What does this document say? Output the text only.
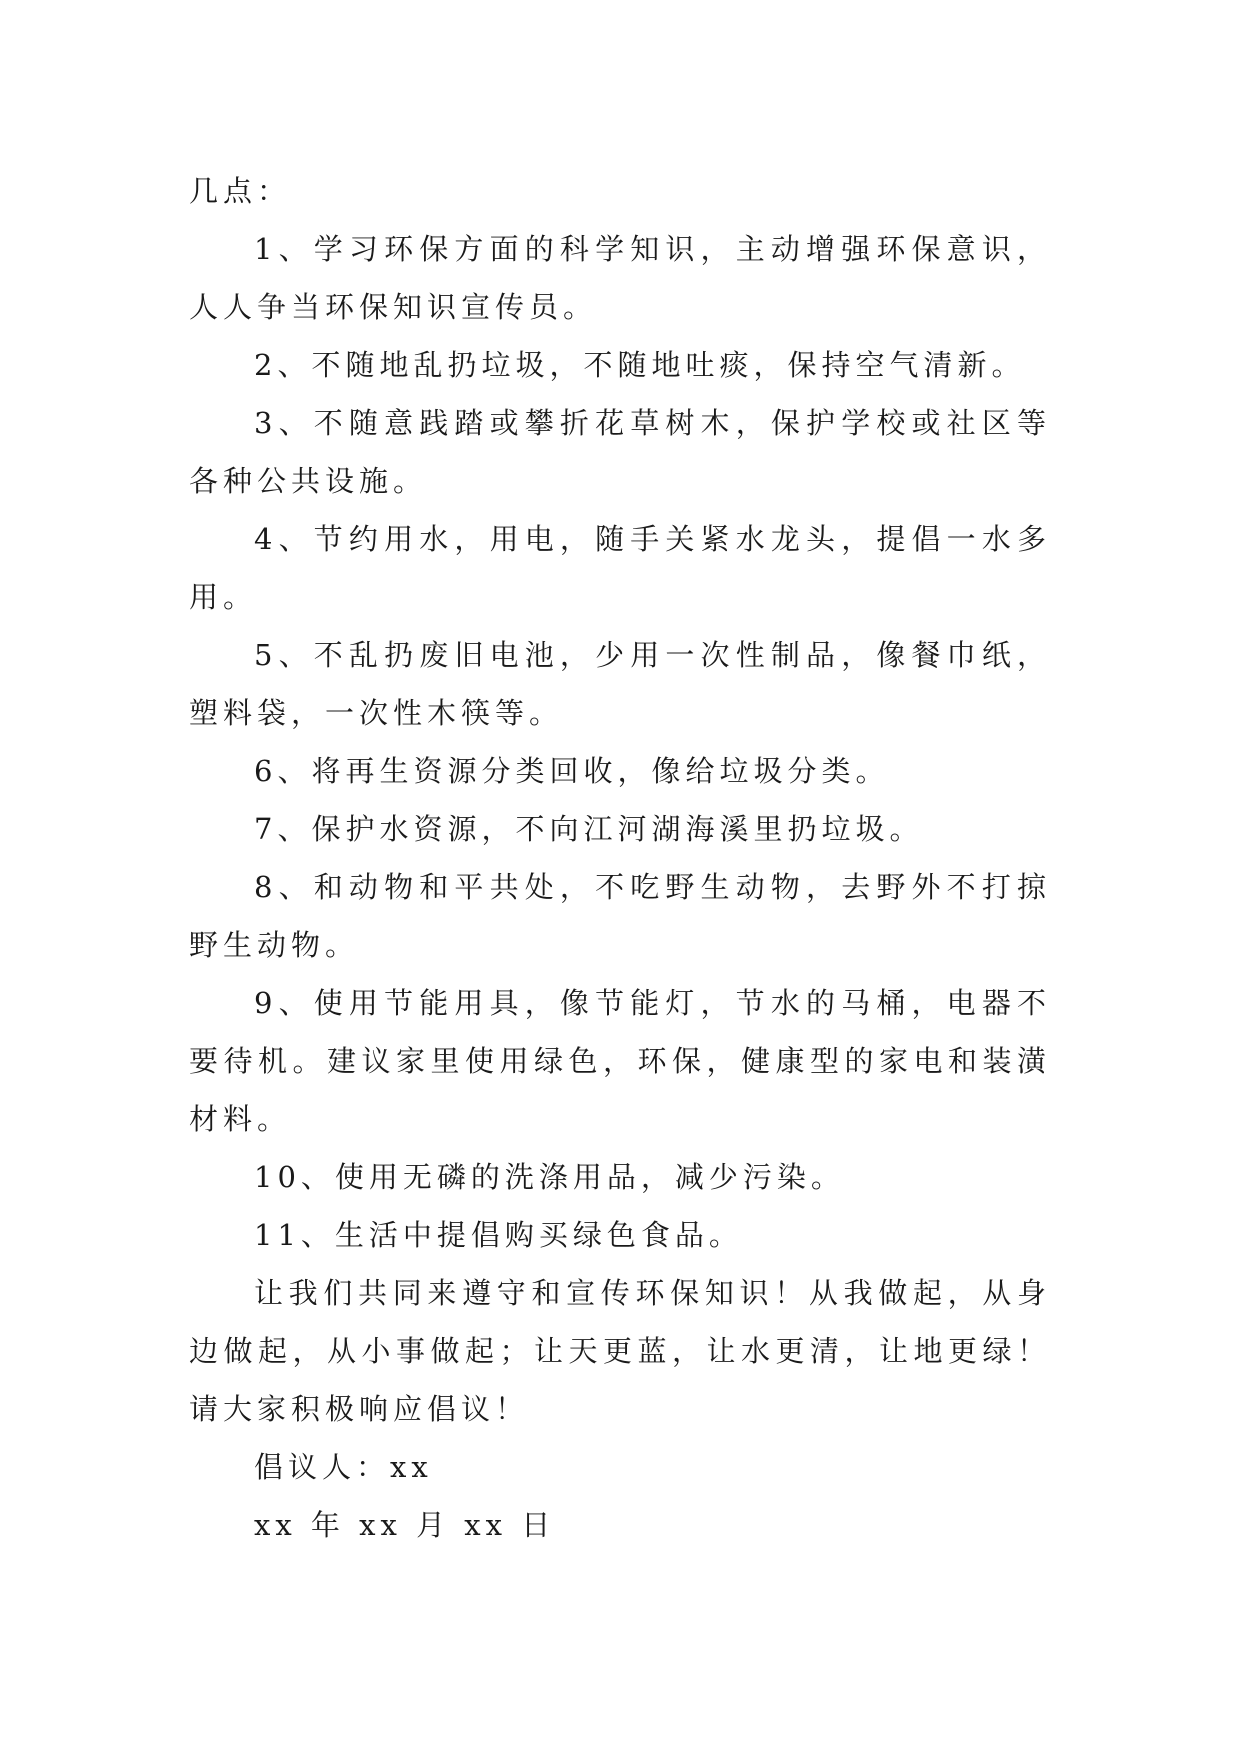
几点：

1、学习环保方面的科学知识，主动增强环保意识，人人争当环保知识宣传员。

2、不随地乱扔垃圾，不随地吐痰，保持空气清新。

3、不随意践踏或攀折花草树木，保护学校或社区等各种公共设施。

4、节约用水，用电，随手关紧水龙头，提倡一水多用。

5、不乱扔废旧电池，少用一次性制品，像餐巾纸，塑料袋，一次性木筷等。

6、将再生资源分类回收，像给垃圾分类。

7、保护水资源，不向江河湖海溪里扔垃圾。

8、和动物和平共处，不吃野生动物，去野外不打掠野生动物。

9、使用节能用具，像节能灯，节水的马桶，电器不要待机。建议家里使用绿色，环保，健康型的家电和装潢材料。

10、使用无磷的洗涤用品，减少污染。

11、生活中提倡购买绿色食品。

让我们共同来遵守和宣传环保知识！从我做起，从身边做起，从小事做起；让天更蓝，让水更清，让地更绿！请大家积极响应倡议！

倡议人：xx

xx 年 xx 月 xx 日
